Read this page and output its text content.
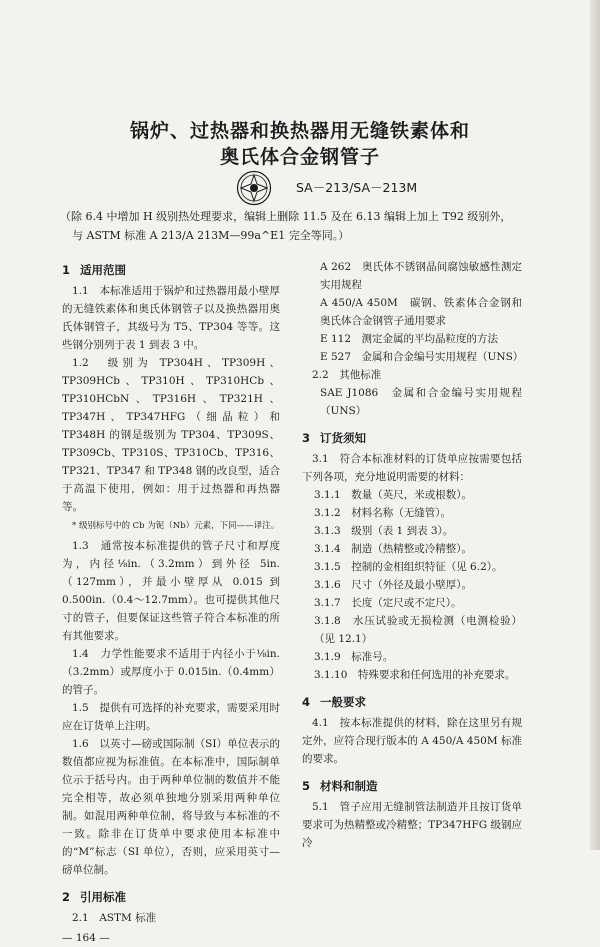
锅炉、过热器和换热器用无缝铁素体和
奥氏体合金钢管子
SA－213/SA－213M
（除 6.4 中增加 H 级别热处理要求，编辑上删除 11.5 及在 6.13 编辑上加上 T92 级别外，
与 ASTM 标准 A 213/A 213M—99a^E1 完全等同。）
1 适用范围

1.1　本标准适用于锅炉和过热器用最小壁厚的无缝铁素体和奥氏体钢管子以及换热器用奥氏体钢管子，其级号为 T5、TP304 等等。这些钢分别列于表 1 到表 3 中。

1.2　级别为 TP304H、TP309H、TP309HCb、TP310H、TP310HCb、TP310HCbN、TP316H、TP321H、TP347H、TP347HFG（细晶粒）和 TP348H 的钢是级别为 TP304、TP309S、TP309Cb、TP310S、TP310Cb、TP316、TP321、TP347 和 TP348 钢的改良型，适合于高温下使用，例如：用于过热器和再热器等。

* 级别标号中的 Cb 为铌（Nb）元素，下同——译注。

1.3　通常按本标准提供的管子尺寸和厚度为，内径⅛in.（3.2mm）到外径 5in.（127mm），并最小壁厚从 0.015 到 0.500in.（0.4～12.7mm）。也可提供其他尺寸的管子，但要保证这些管子符合本标准的所有其他要求。

1.4　力学性能要求不适用于内径小于⅛in.（3.2mm）或厚度小于 0.015in.（0.4mm）的管子。

1.5　提供有可选择的补充要求，需要采用时应在订货单上注明。

1.6　以英寸—磅或国际制（SI）单位表示的数值都应视为标准值。在本标准中，国际制单位示于括号内。由于两种单位制的数值并不能完全相等，故必须单独地分别采用两种单位制。如混用两种单位制，将导致与本标准的不一致。除非在订货单中要求使用本标准中的“M”标志（SI 单位），否则，应采用英寸—磅单位制。

2 引用标准

2.1　ASTM 标准

— 164 —

A 262　奥氏体不锈钢晶间腐蚀敏感性测定实用规程

A 450/A 450M　碳钢、铁素体合金钢和奥氏体合金钢管子通用要求

E 112　测定金属的平均晶粒度的方法

E 527　金属和合金编号实用规程（UNS）

2.2　其他标准

SAE J1086　金属和合金编号实用规程（UNS）

3 订货须知

3.1　符合本标准材料的订货单应按需要包括下列各项，充分地说明需要的材料：

3.1.1　数量（英尺，米或根数）。

3.1.2　材料名称（无缝管）。

3.1.3　级别（表 1 到表 3）。

3.1.4　制造（热精整或冷精整）。

3.1.5　控制的金相组织特征（见 6.2）。

3.1.6　尺寸（外径及最小壁厚）。

3.1.7　长度（定尺或不定尺）。

3.1.8　水压试验或无损检测（电测检验）（见 12.1）

3.1.9　标准号。

3.1.10　特殊要求和任何选用的补充要求。

4 一般要求

4.1　按本标准提供的材料，除在这里另有规定外，应符合现行版本的 A 450/A 450M 标准的要求。

5 材料和制造

5.1　管子应用无缝制管法制造并且按订货单要求可为热精整或冷精整；TP347HFG 级钢应冷
